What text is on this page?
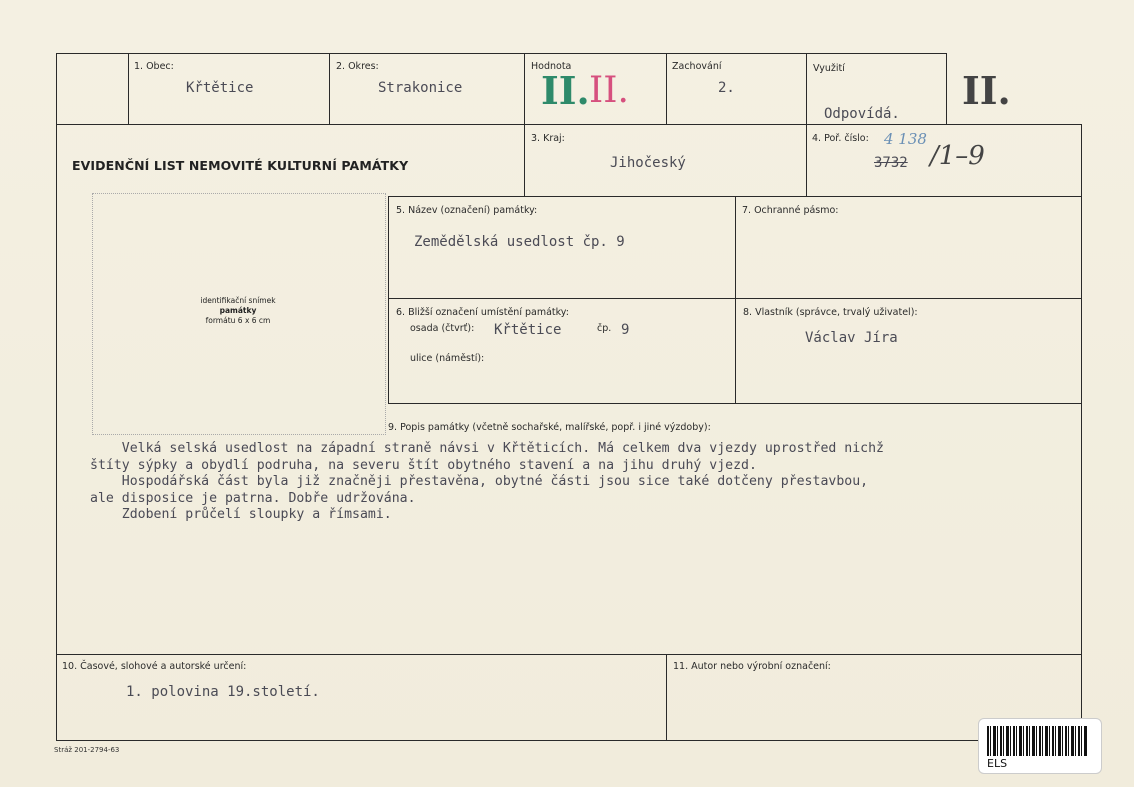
1. Obec:
Křtětice
2. Okres:
Strakonice
Hodnota
II. II.
Zachování
2.
Využití
Odpovídá.
II.
EVIDENČNÍ LIST NEMOVITÉ KULTURNÍ PAMÁTKY
3. Kraj:
Jihočeský
4. Poř. číslo: 4 138
3732 /1–9
identifikační snímek
památky
formátu 6 x 6 cm
5. Název (označení) památky:
Zemědělská usedlost čp. 9
7. Ochranné pásmo:
6. Bližší označení umístění památky:
osada (čtvrť): Křtětice	čp. 9
ulice (náměstí):
8. Vlastník (správce, trvalý uživatel):
Václav Jíra
9. Popis památky (včetně sochařské, malířské, popř. i jiné výzdoby):
Velká selská usedlost na západní straně návsi v Křtěticích. Má celkem dva vjezdy uprostřed nichž
štíty sýpky a obydlí podruha, na severu štít obytného stavení a na jihu druhý vjezd.
Hospodářská část byla již značněji přestavěna, obytné části jsou sice také dotčeny přestavbou,
ale disposice je patrna. Dobře udržována.
Zdobení průčelí sloupky a římsami.
10. Časové, slohové a autorské určení:
1. polovina 19.století.
11. Autor nebo výrobní označení:
Stráž 201-2794-63
ELS
